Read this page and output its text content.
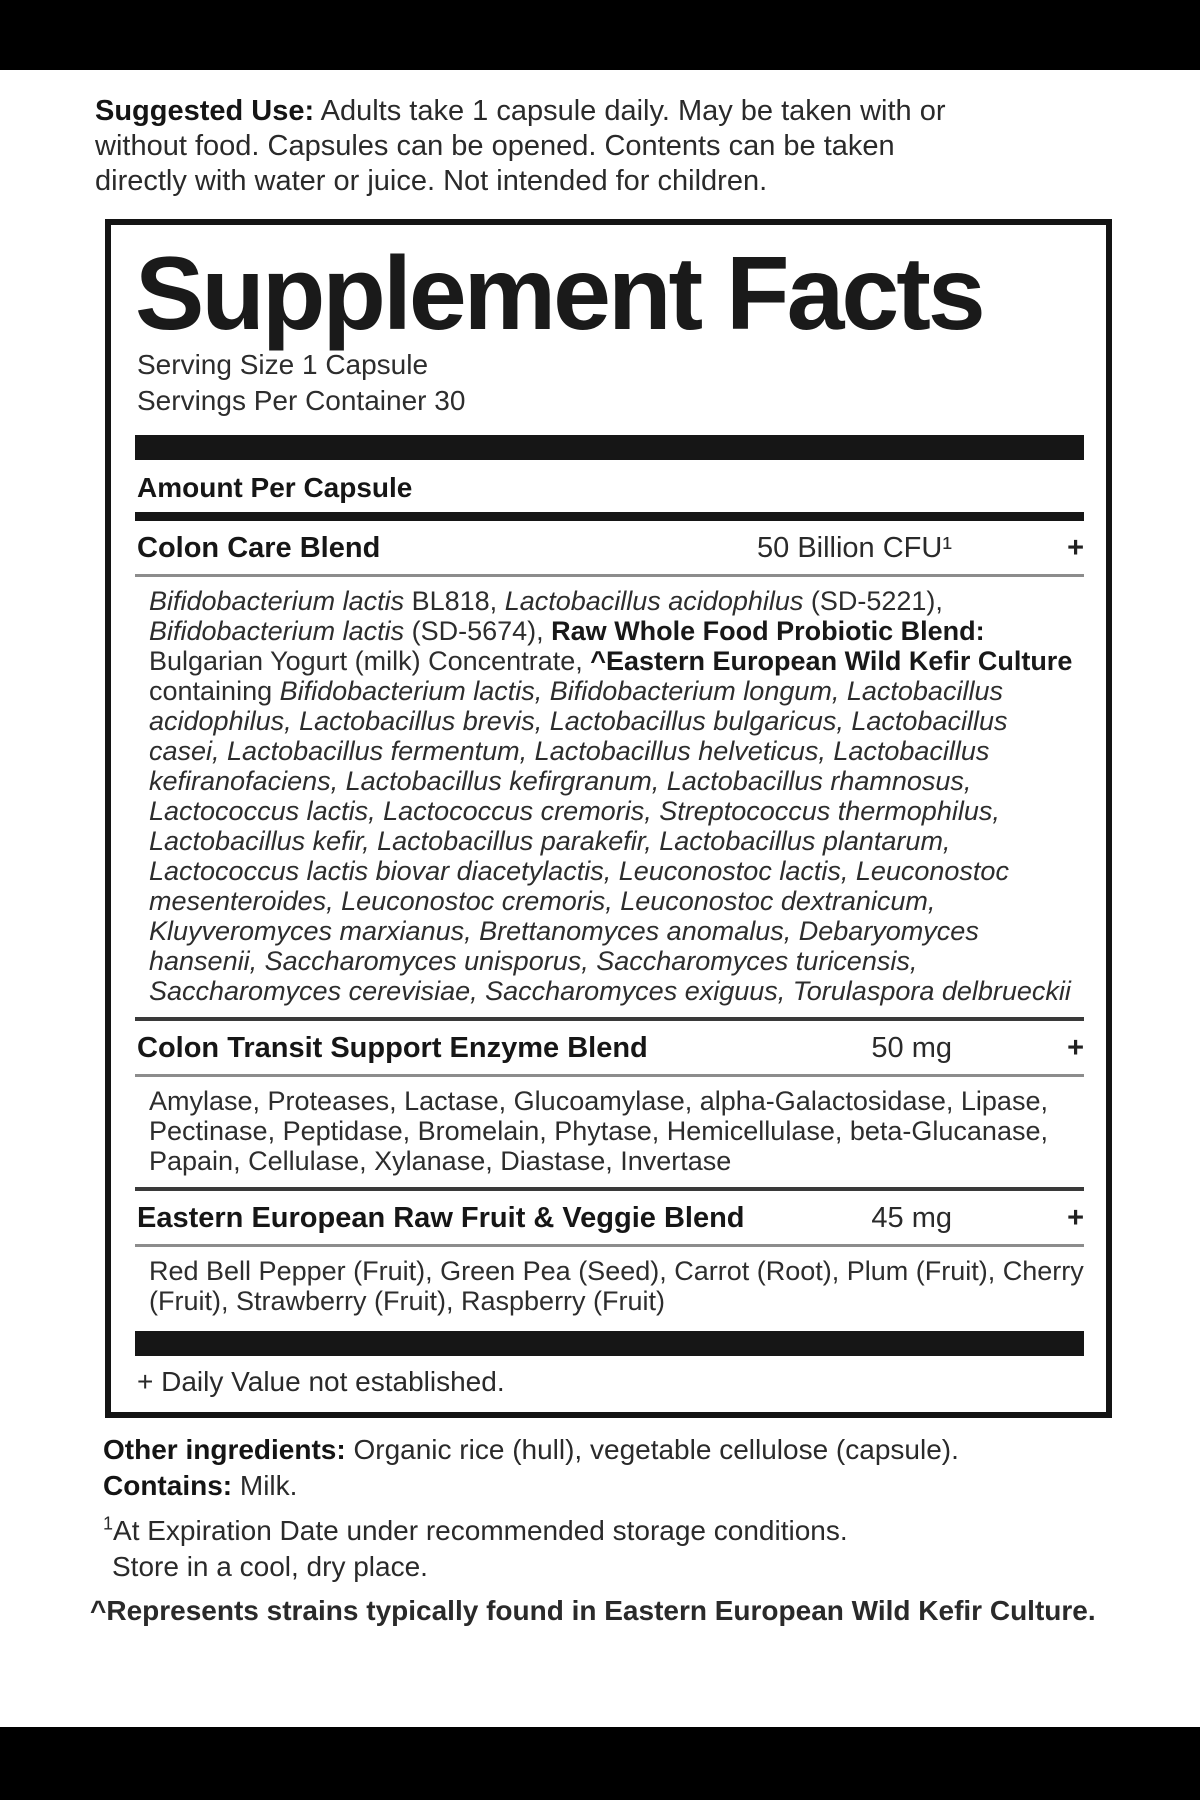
Suggested Use: Adults take 1 capsule daily. May be taken with or without food. Capsules can be opened. Contents can be taken directly with water or juice. Not intended for children.

Supplement Facts
Serving Size 1 Capsule
Servings Per Container 30
Amount Per Capsule
Colon Care Blend	50 Billion CFU¹	+

Bifidobacterium lactis BL818, Lactobacillus acidophilus (SD-5221), Bifidobacterium lactis (SD-5674), Raw Whole Food Probiotic Blend: Bulgarian Yogurt (milk) Concentrate, ^Eastern European Wild Kefir Culture containing Bifidobacterium lactis, Bifidobacterium longum, Lactobacillus acidophilus, Lactobacillus brevis, Lactobacillus bulgaricus, Lactobacillus casei, Lactobacillus fermentum, Lactobacillus helveticus, Lactobacillus kefiranofaciens, Lactobacillus kefirgranum, Lactobacillus rhamnosus, Lactococcus lactis, Lactococcus cremoris, Streptococcus thermophilus, Lactobacillus kefir, Lactobacillus parakefir, Lactobacillus plantarum, Lactococcus lactis biovar diacetylactis, Leuconostoc lactis, Leuconostoc mesenteroides, Leuconostoc cremoris, Leuconostoc dextranicum, Kluyveromyces marxianus, Brettanomyces anomalus, Debaryomyces hansenii, Saccharomyces unisporus, Saccharomyces turicensis, Saccharomyces cerevisiae, Saccharomyces exiguus, Torulaspora delbrueckii

Colon Transit Support Enzyme Blend	50 mg	+

Amylase, Proteases, Lactase, Glucoamylase, alpha-Galactosidase, Lipase, Pectinase, Peptidase, Bromelain, Phytase, Hemicellulase, beta-Glucanase, Papain, Cellulase, Xylanase, Diastase, Invertase

Eastern European Raw Fruit & Veggie Blend	45 mg	+

Red Bell Pepper (Fruit), Green Pea (Seed), Carrot (Root), Plum (Fruit), Cherry (Fruit), Strawberry (Fruit), Raspberry (Fruit)

+ Daily Value not established.

Other ingredients: Organic rice (hull), vegetable cellulose (capsule).

Contains: Milk.

$^1$At Expiration Date under recommended storage conditions.

Store in a cool, dry place.

^Represents strains typically found in Eastern European Wild Kefir Culture.
